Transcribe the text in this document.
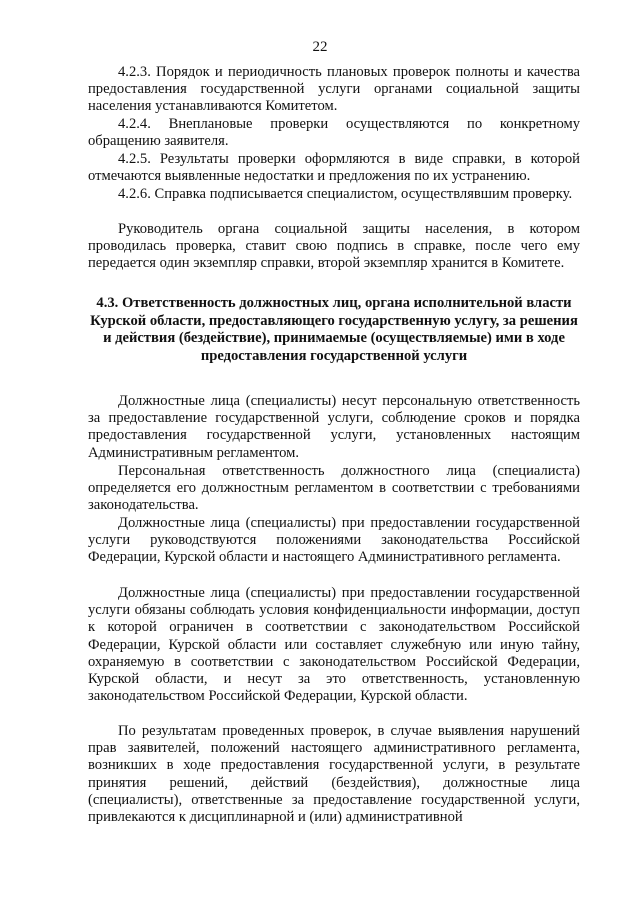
22

4.2.3. Порядок и периодичность плановых проверок полноты и качества предоставления государственной услуги органами социальной защиты населения устанавливаются Комитетом.

4.2.4. Внеплановые проверки осуществляются по конкретному обращению заявителя.

4.2.5. Результаты проверки оформляются в виде справки, в которой отмечаются выявленные недостатки и предложения по их устранению.

4.2.6. Справка подписывается специалистом, осуществлявшим проверку.

Руководитель органа социальной защиты населения, в котором проводилась проверка, ставит свою подпись в справке, после чего ему передается один экземпляр справки, второй экземпляр хранится в Комитете.

4.3. Ответственность должностных лиц, органа исполнительной власти Курской области, предоставляющего государственную услугу, за решения и действия (бездействие), принимаемые (осуществляемые) ими в ходе предоставления государственной услуги

Должностные лица (специалисты) несут персональную ответственность за предоставление государственной услуги, соблюдение сроков и порядка предоставления государственной услуги, установленных настоящим Административным регламентом.

Персональная ответственность должностного лица (специалиста) определяется его должностным регламентом в соответствии с требованиями законодательства.

Должностные лица (специалисты) при предоставлении государственной услуги руководствуются положениями законодательства Российской Федерации, Курской области и настоящего Административного регламента.

Должностные лица (специалисты) при предоставлении государственной услуги обязаны соблюдать условия конфиденциальности информации, доступ к которой ограничен в соответствии с законодательством Российской Федерации, Курской области или составляет служебную или иную тайну, охраняемую в соответствии с законодательством Российской Федерации, Курской области, и несут за это ответственность, установленную законодательством Российской Федерации, Курской области.

По результатам проведенных проверок, в случае выявления нарушений прав заявителей, положений настоящего административного регламента, возникших в ходе предоставления государственной услуги, в результате принятия решений, действий (бездействия), должностные лица (специалисты), ответственные за предоставление государственной услуги, привлекаются к дисциплинарной и (или) административной
